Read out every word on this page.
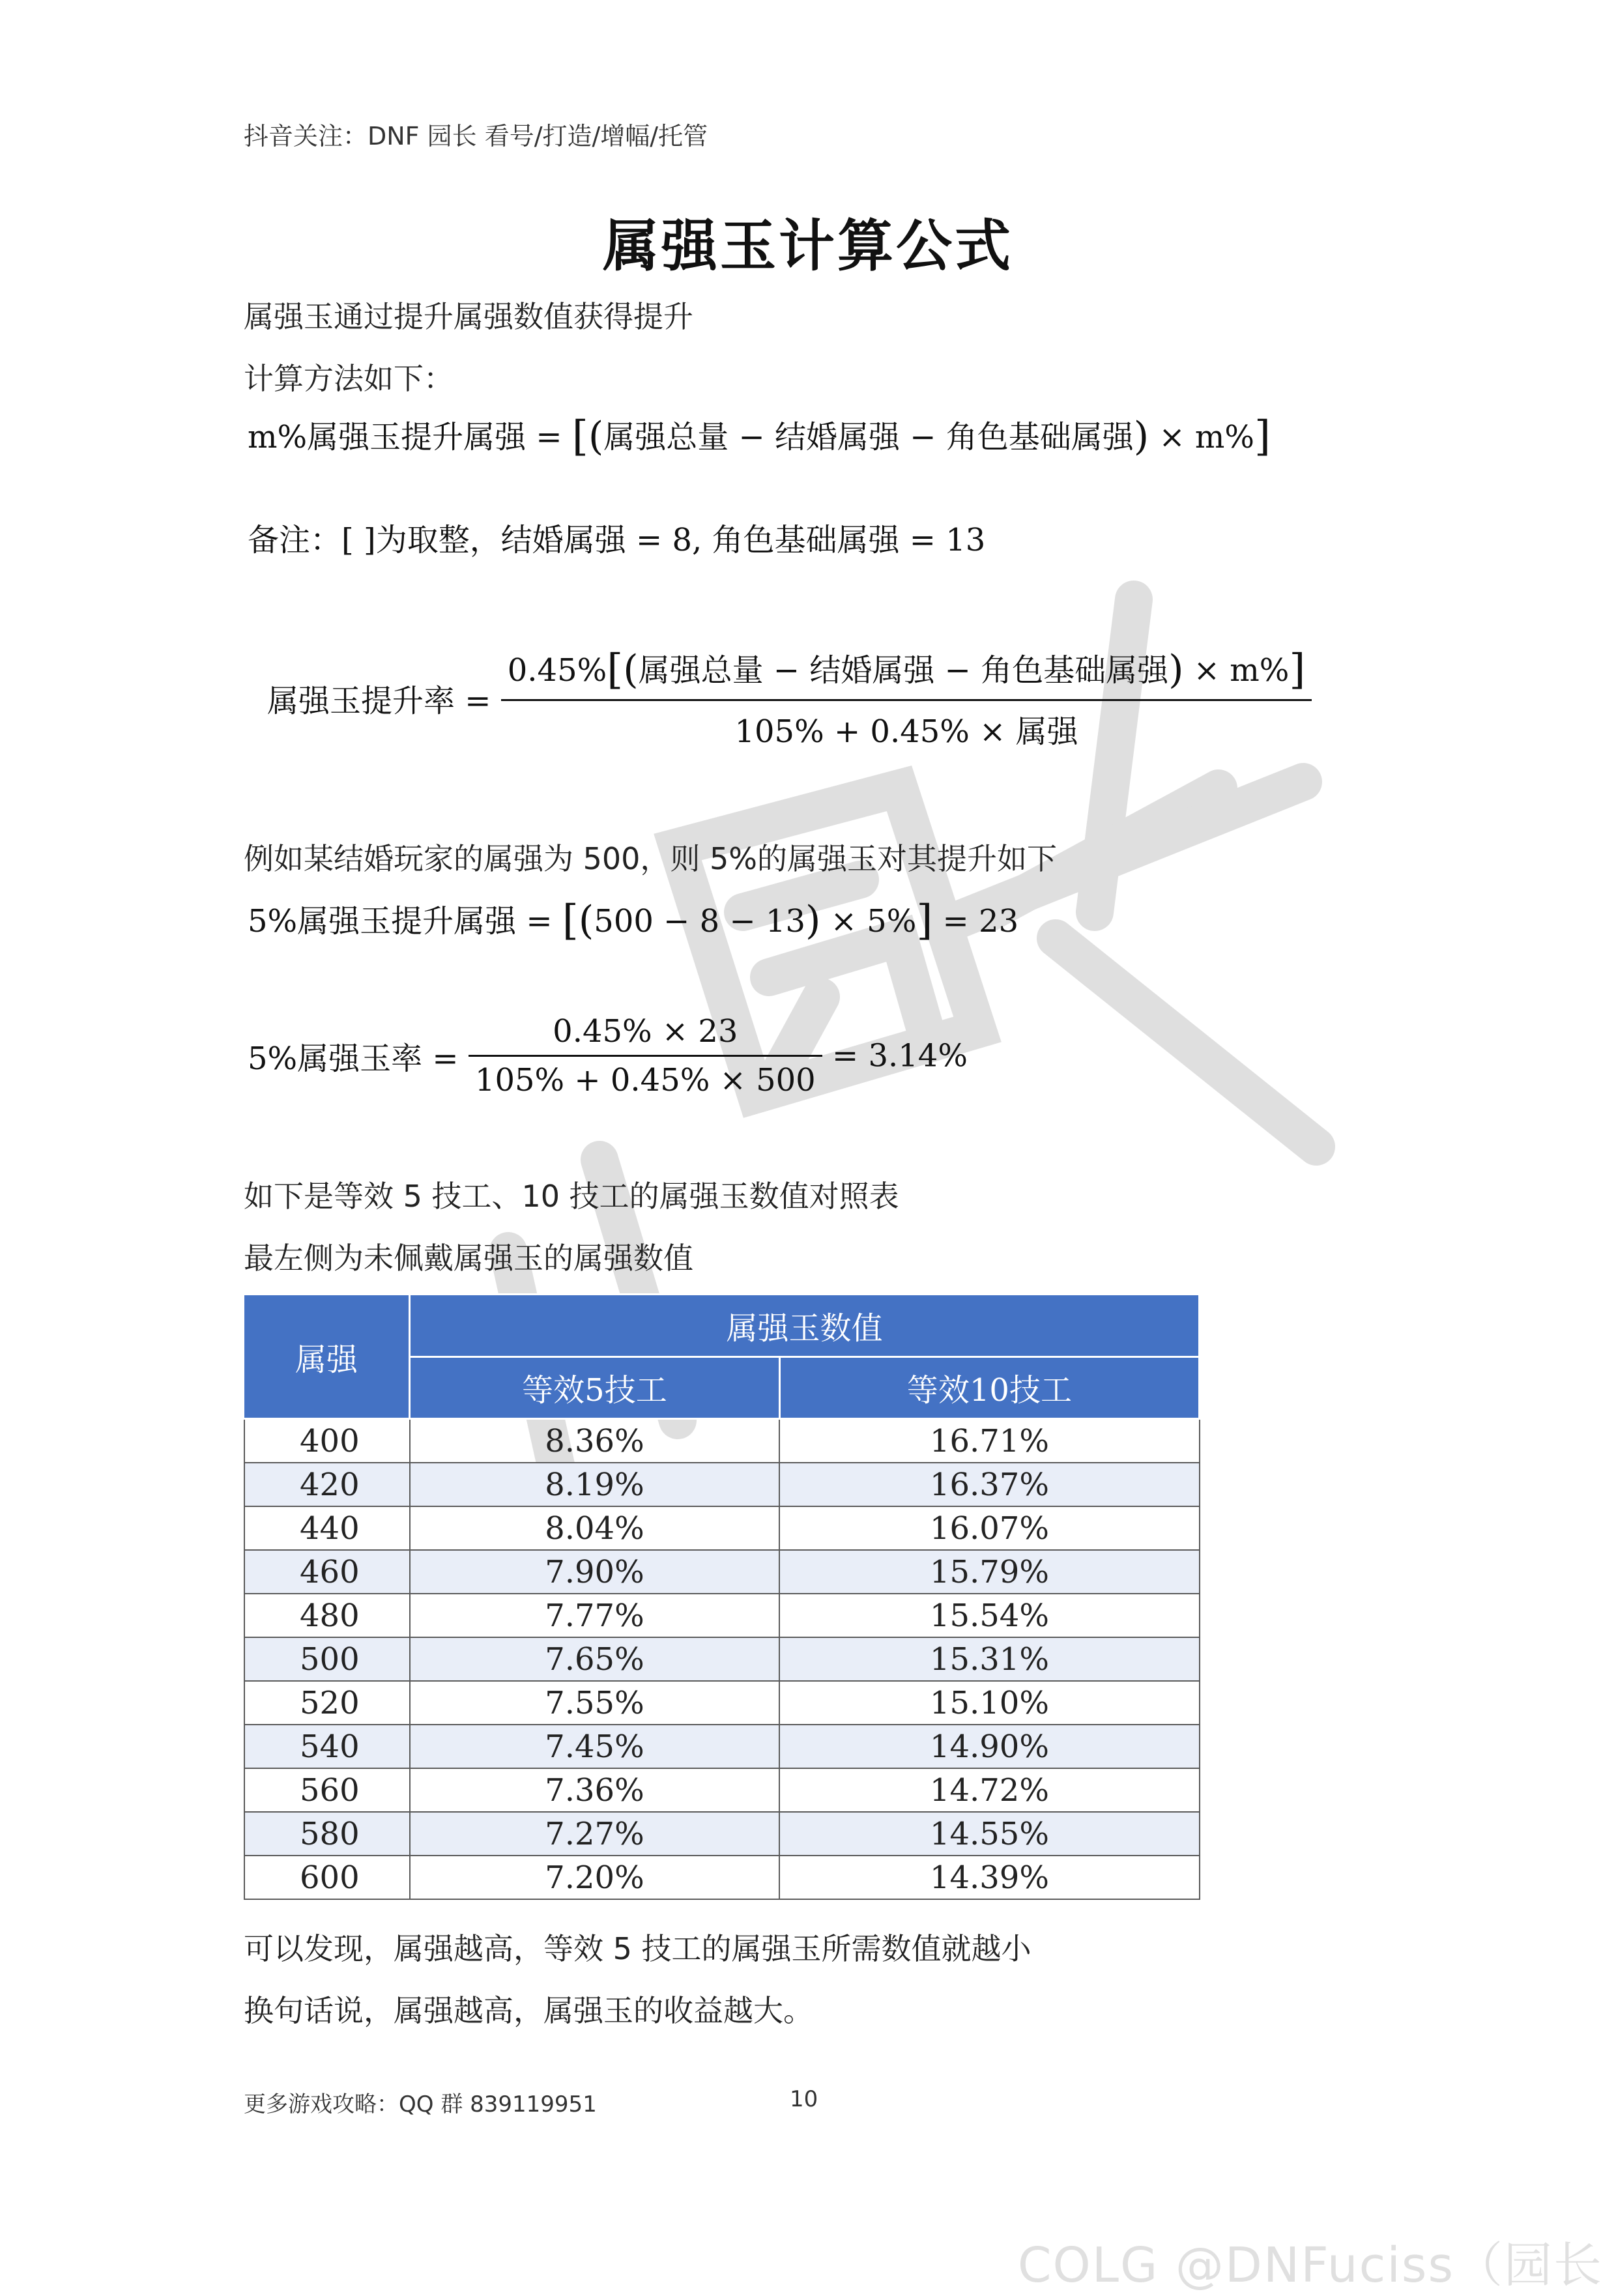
抖音关注：DNF 园长 看号/打造/增幅/托管
属强玉计算公式
属强玉通过提升属强数值获得提升
计算方法如下：
m%属强玉提升属强 = [(属强总量 − 结婚属强 − 角色基础属强) × m%]
备注：[ ]为取整，结婚属强 = 8, 角色基础属强 = 13
属强玉提升率 = $\frac{\text{0.45\%[(属强总量 − 结婚属强 − 角色基础属强) × m\%]}}{\text{105\% + 0.45\% × 属强}}$
例如某结婚玩家的属强为 500，则 5%的属强玉对其提升如下
5%属强玉提升属强 = [(500 − 8 − 13) × 5%] = 23
5%属强玉率 = $\frac{0.45\% \times 23}{105\% + 0.45\% \times 500} = 3.14\%$
如下是等效 5 技工、10 技工的属强玉数值对照表
最左侧为未佩戴属强玉的属强数值
属强	属强玉数值	
	等效5技工	等效10技工
400	8.36%	16.71%
420	8.19%	16.37%
440	8.04%	16.07%
460	7.90%	15.79%
480	7.77%	15.54%
500	7.65%	15.31%
520	7.55%	15.10%
540	7.45%	14.90%
560	7.36%	14.72%
580	7.27%	14.55%
600	7.20%	14.39%
可以发现，属强越高，等效 5 技工的属强玉所需数值就越小
换句话说，属强越高，属强玉的收益越大。
更多游戏攻略：QQ 群 839119951	10
COLG @DNFuciss（园长
